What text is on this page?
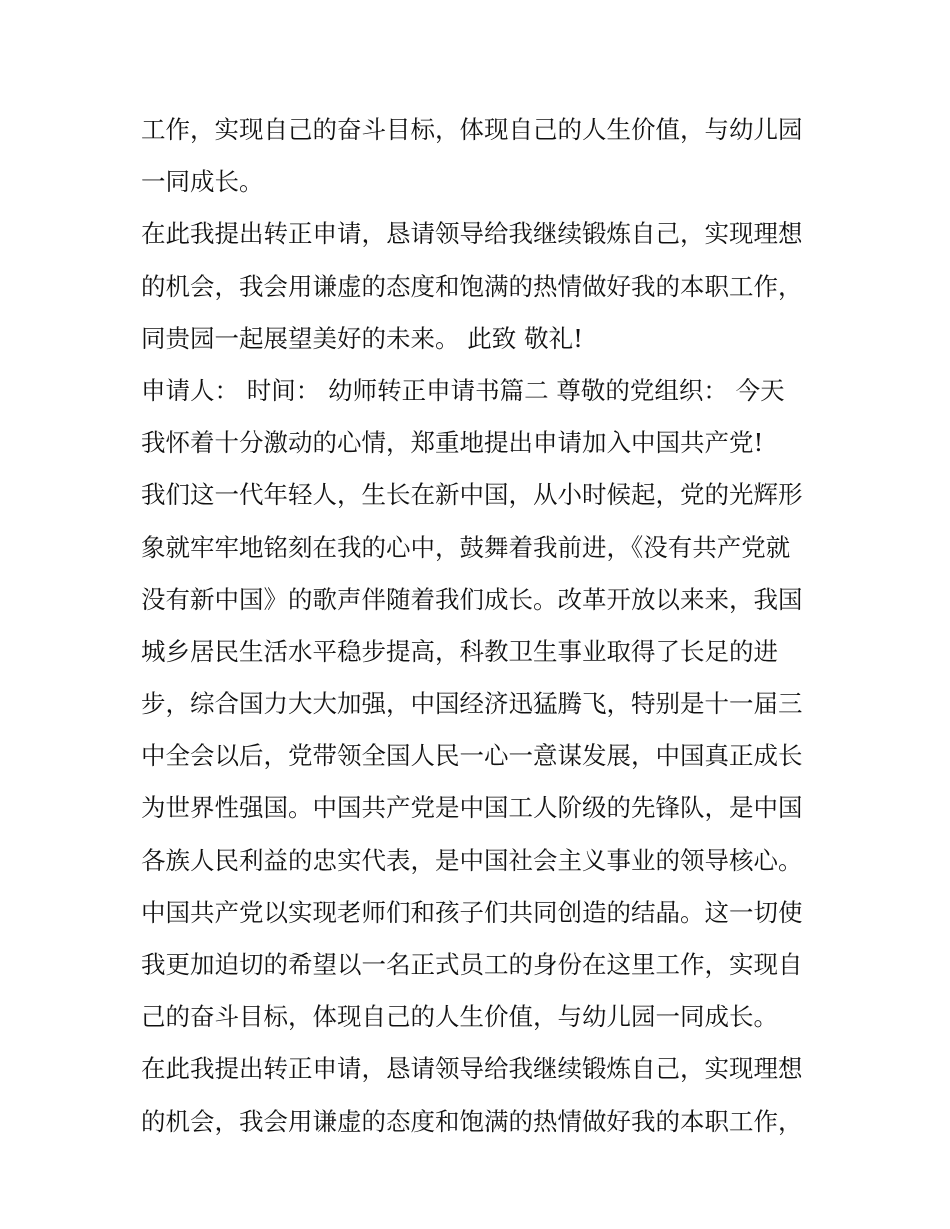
工作，实现自己的奋斗目标，体现自己的人生价值，与幼儿园
一同成长。
在此我提出转正申请，恳请领导给我继续锻炼自己，实现理想
的机会，我会用谦虚的态度和饱满的热情做好我的本职工作，
同贵园一起展望美好的未来。 此致 敬礼!
申请人： 时间： 幼师转正申请书篇二 尊敬的党组织： 今天
我怀着十分激动的心情，郑重地提出申请加入中国共产党!
我们这一代年轻人，生长在新中国，从小时候起，党的光辉形
象就牢牢地铭刻在我的心中，鼓舞着我前进，《没有共产党就
没有新中国》的歌声伴随着我们成长。改革开放以来来，我国
城乡居民生活水平稳步提高，科教卫生事业取得了长足的进
步，综合国力大大加强，中国经济迅猛腾飞，特别是十一届三
中全会以后，党带领全国人民一心一意谋发展，中国真正成长
为世界性强国。中国共产党是中国工人阶级的先锋队，是中国
各族人民利益的忠实代表，是中国社会主义事业的领导核心。
中国共产党以实现老师们和孩子们共同创造的结晶。这一切使
我更加迫切的希望以一名正式员工的身份在这里工作，实现自
己的奋斗目标，体现自己的人生价值，与幼儿园一同成长。
在此我提出转正申请，恳请领导给我继续锻炼自己，实现理想
的机会，我会用谦虚的态度和饱满的热情做好我的本职工作，
